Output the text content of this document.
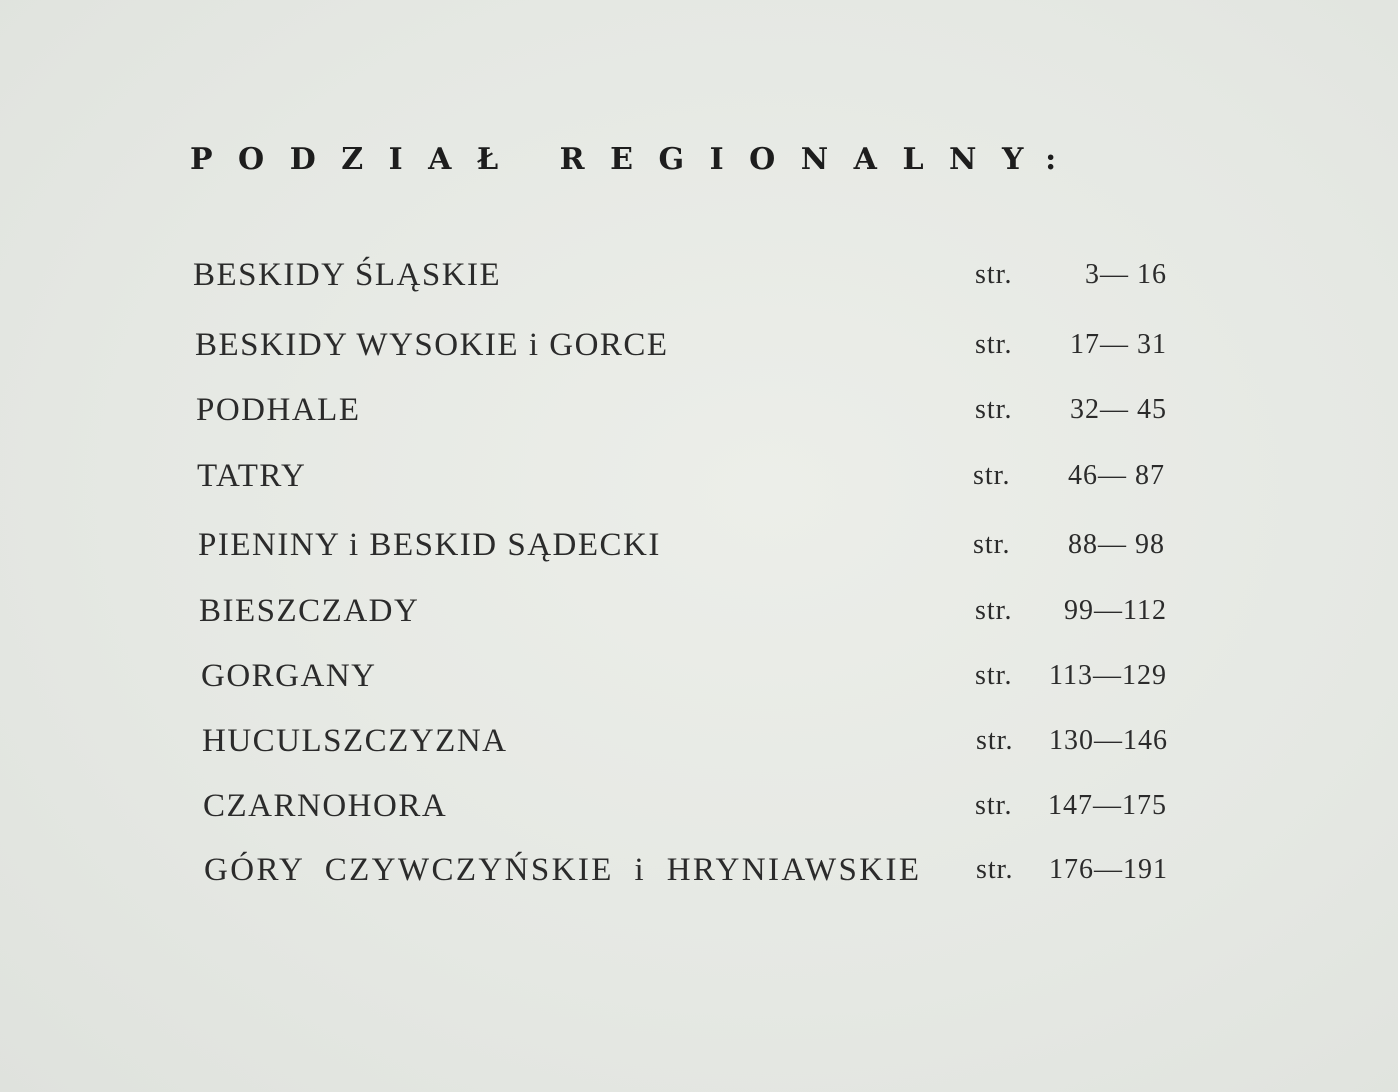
PODZIAŁ REGIONALNY:
BESKIDY ŚLĄSKIE	str.	3— 16
BESKIDY WYSOKIE i GORCE	str. 17— 31
PODHALE	str. 32— 45
TATRY	str. 46— 87
PIENINY i BESKID SĄDECKI	str. 88— 98
BIESZCZADY	str. 99—112
GORGANY	str. 113—129
HUCULSZCZYZNA	str. 130—146
CZARNOHORA	str. 147—175
GÓRY CZYWCZYŃSKIE i HRYNIAWSKIE str. 176—191
